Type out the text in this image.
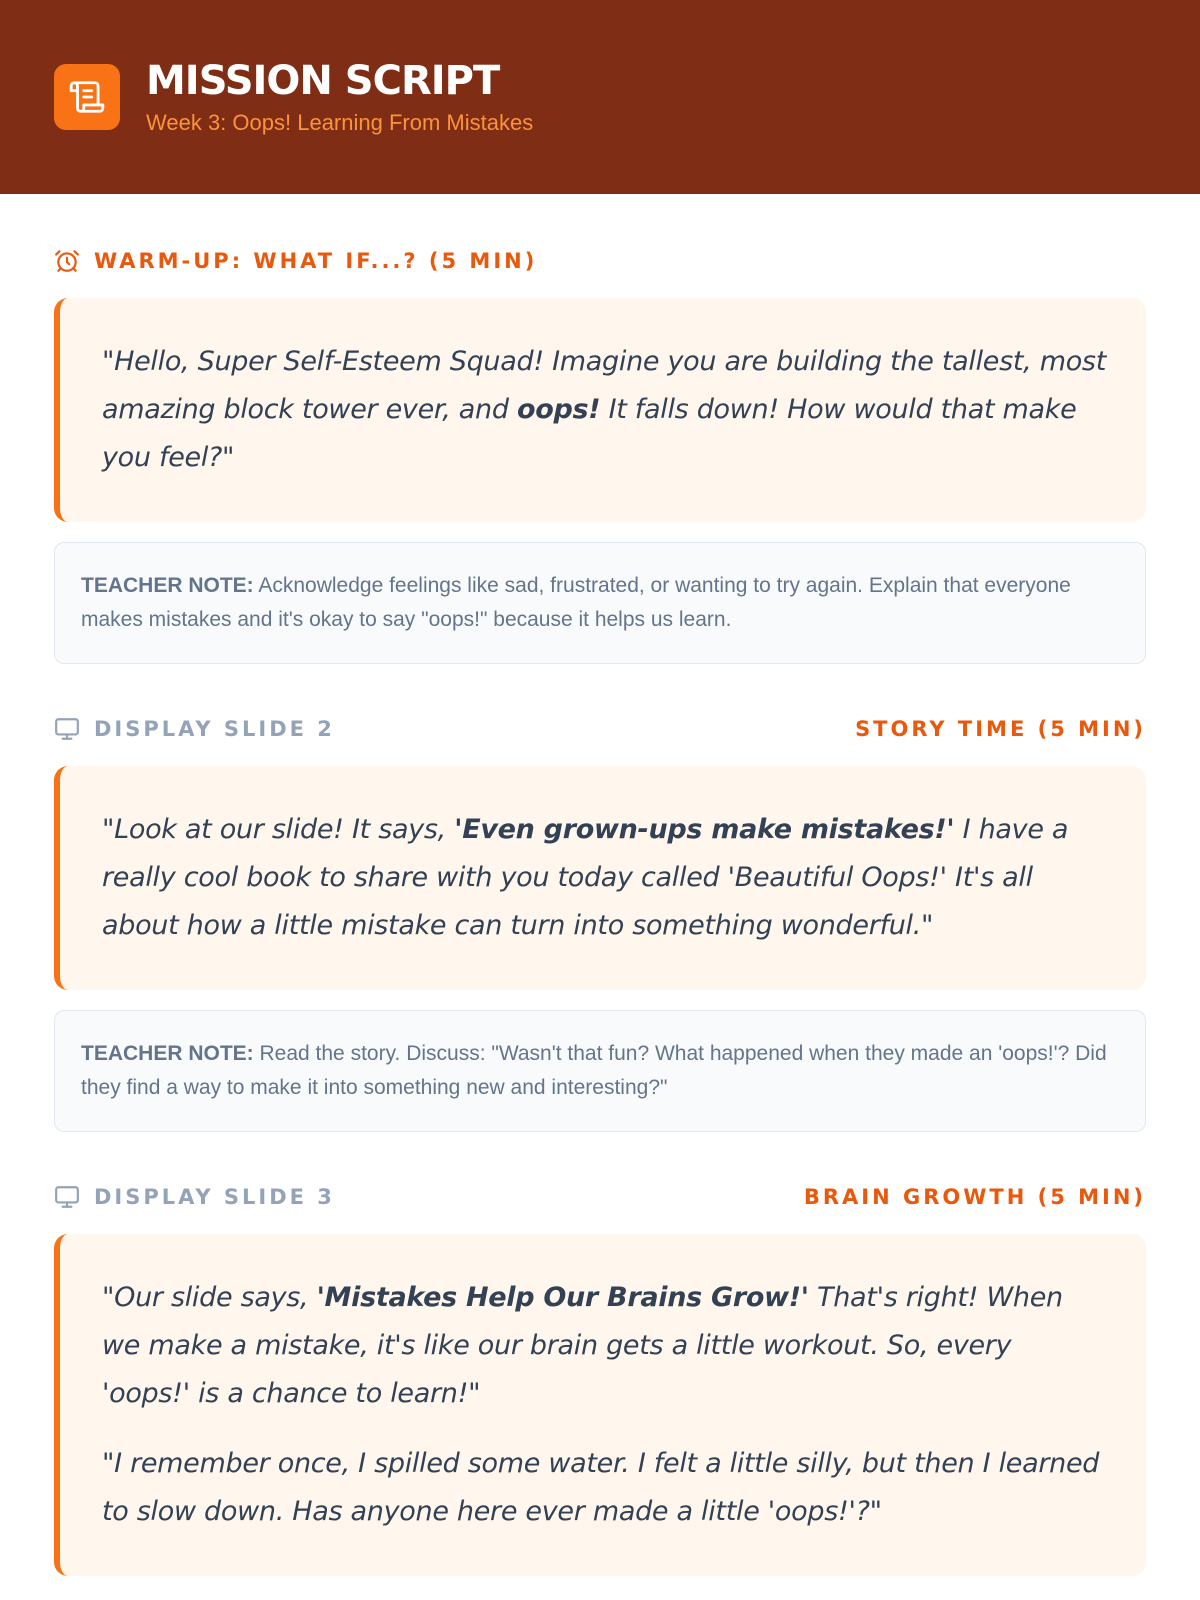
MISSION SCRIPT
Week 3: Oops! Learning From Mistakes
WARM-UP: WHAT IF...? (5 MIN)

"Hello, Super Self-Esteem Squad! Imagine you are building the tallest, most amazing block tower ever, and oops! It falls down! How would that make you feel?"

TEACHER NOTE: Acknowledge feelings like sad, frustrated, or wanting to try again. Explain that everyone makes mistakes and it's okay to say "oops!" because it helps us learn.
DISPLAY SLIDE 2	STORY TIME (5 MIN)

"Look at our slide! It says, 'Even grown-ups make mistakes!' I have a really cool book to share with you today called 'Beautiful Oops!' It's all about how a little mistake can turn into something wonderful."

TEACHER NOTE: Read the story. Discuss: "Wasn't that fun? What happened when they made an 'oops!'? Did they find a way to make it into something new and interesting?"
DISPLAY SLIDE 3	BRAIN GROWTH (5 MIN)

"Our slide says, 'Mistakes Help Our Brains Grow!' That's right! When we make a mistake, it's like our brain gets a little workout. So, every 'oops!' is a chance to learn!"

"I remember once, I spilled some water. I felt a little silly, but then I learned to slow down. Has anyone here ever made a little 'oops!'?"
